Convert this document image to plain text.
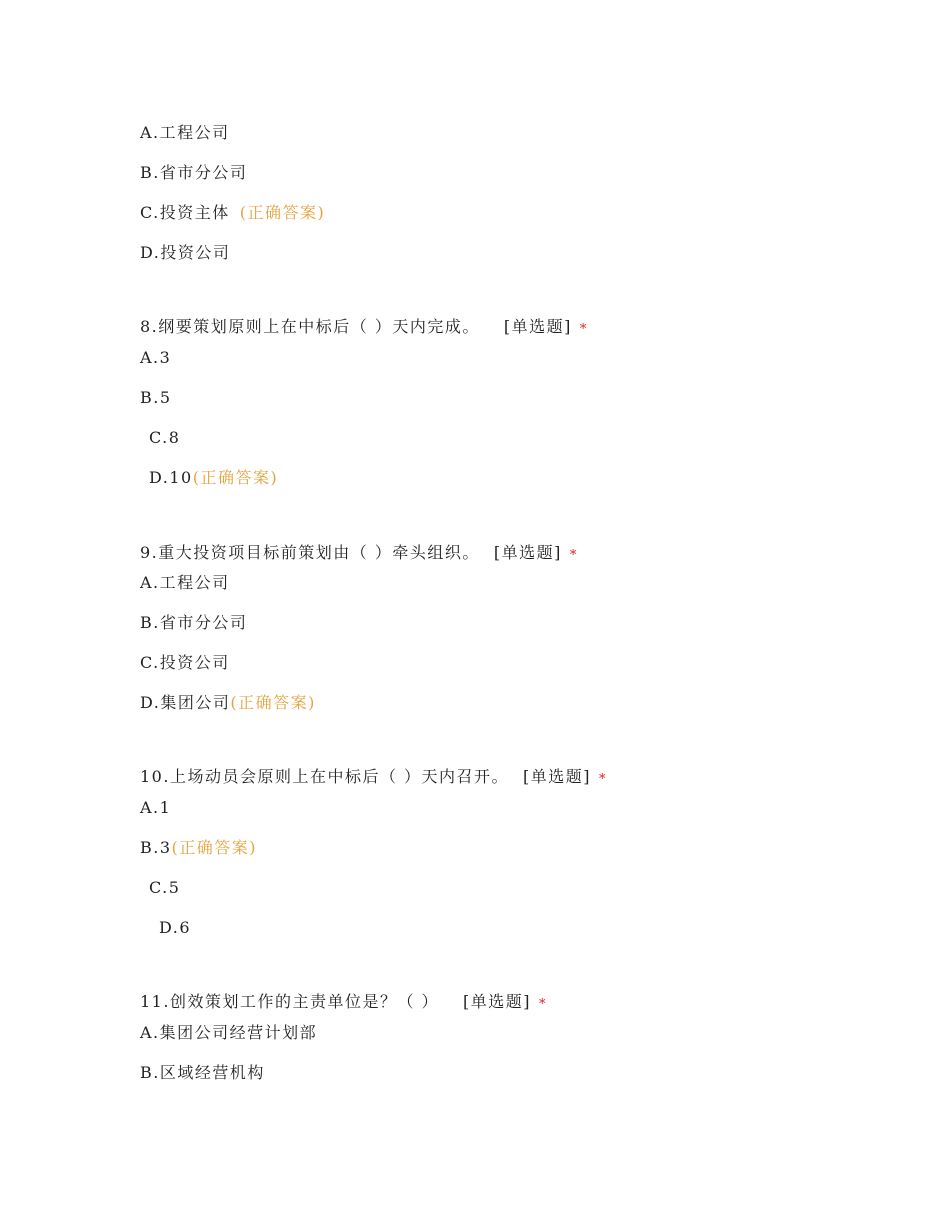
A.工程公司
B.省市分公司
C.投资主体 (正确答案)
D.投资公司
8.纲要策划原则上在中标后（ ）天内完成。 [单选题] *
A.3
B.5
C.8
D.10(正确答案)
9.重大投资项目标前策划由（ ）牵头组织。 [单选题] *
A.工程公司
B.省市分公司
C.投资公司
D.集团公司(正确答案)
10.上场动员会原则上在中标后（ ）天内召开。 [单选题] *
A.1
B.3(正确答案)
C.5
D.6
11.创效策划工作的主责单位是？（ ） [单选题] *
A.集团公司经营计划部
B.区域经营机构
